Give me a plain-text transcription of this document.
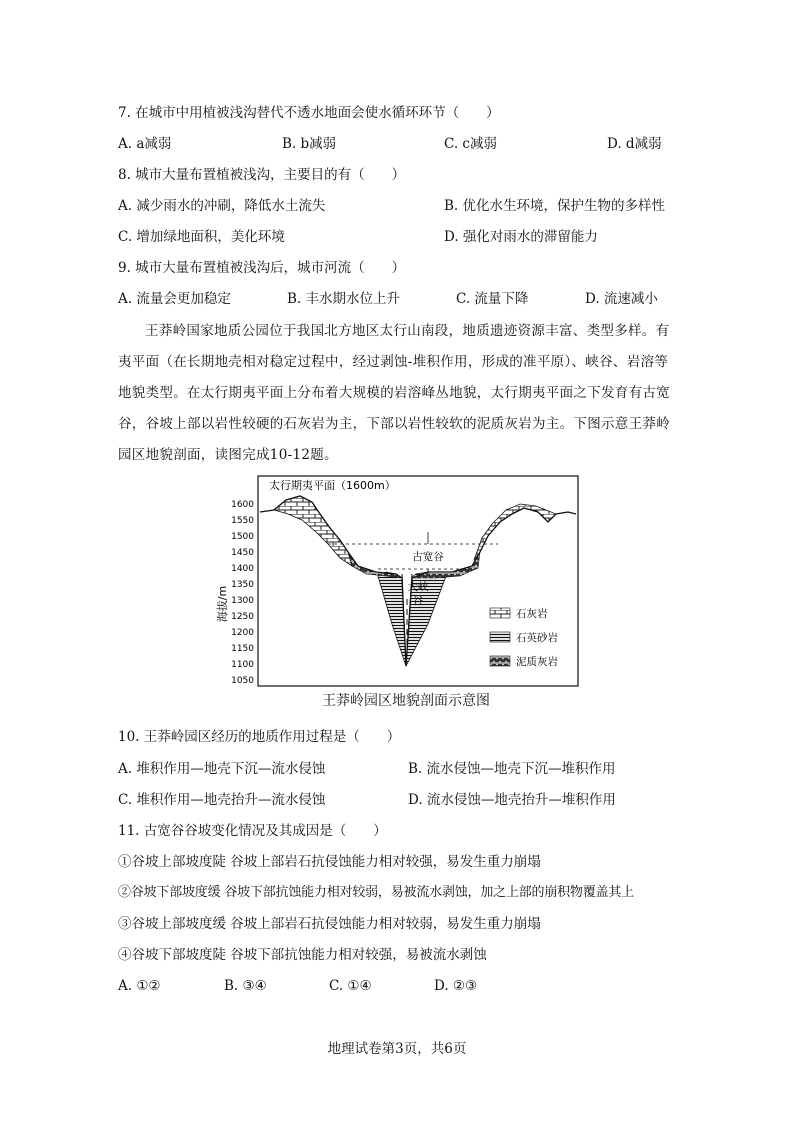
7. 在城市中用植被浅沟替代不透水地面会使水循环环节（　　）
A. a减弱	B. b减弱	C. c减弱	D. d减弱
8. 城市大量布置植被浅沟，主要目的有（　　）
A. 减少雨水的冲刷，降低水土流失	B. 优化水生环境，保护生物的多样性
C. 增加绿地面积，美化环境	D. 强化对雨水的滞留能力
9. 城市大量布置植被浅沟后，城市河流（　　）
A. 流量会更加稳定	B. 丰水期水位上升	C. 流量下降	D. 流速减小
王莽岭国家地质公园位于我国北方地区太行山南段，地质遗迹资源丰富、类型多样。有夷平面（在长期地壳相对稳定过程中，经过剥蚀-堆积作用，形成的准平原）、峡谷、岩溶等地貌类型。在太行期夷平面上分布着大规模的岩溶峰丛地貌，太行期夷平面之下发育有古宽谷，谷坡上部以岩性较硬的石灰岩为主，下部以岩性较软的泥质灰岩为主。下图示意王莽岭园区地貌剖面，读图完成10-12题。
太行期夷平面（1600m）
海拔/m
1600
1550
1500
1450
1400
1350
1300
1250
1200
1150
1100
1050
古宽谷
大峡
谷
石灰岩
石英砂岩
泥质灰岩
王莽岭园区地貌剖面示意图
10. 王莽岭园区经历的地质作用过程是（　　）
A. 堆积作用—地壳下沉—流水侵蚀	B. 流水侵蚀—地壳下沉—堆积作用
C. 堆积作用—地壳抬升—流水侵蚀	D. 流水侵蚀—地壳抬升—堆积作用
11. 古宽谷谷坡变化情况及其成因是（　　）
①谷坡上部坡度陡 谷坡上部岩石抗侵蚀能力相对较强，易发生重力崩塌
②谷坡下部坡度缓 谷坡下部抗蚀能力相对较弱，易被流水剥蚀，加之上部的崩积物覆盖其上
③谷坡上部坡度缓 谷坡上部岩石抗侵蚀能力相对较弱，易发生重力崩塌
④谷坡下部坡度陡 谷坡下部抗蚀能力相对较强，易被流水剥蚀
A. ①②	B. ③④	C. ①④	D. ②③
地理试卷第3页，共6页
